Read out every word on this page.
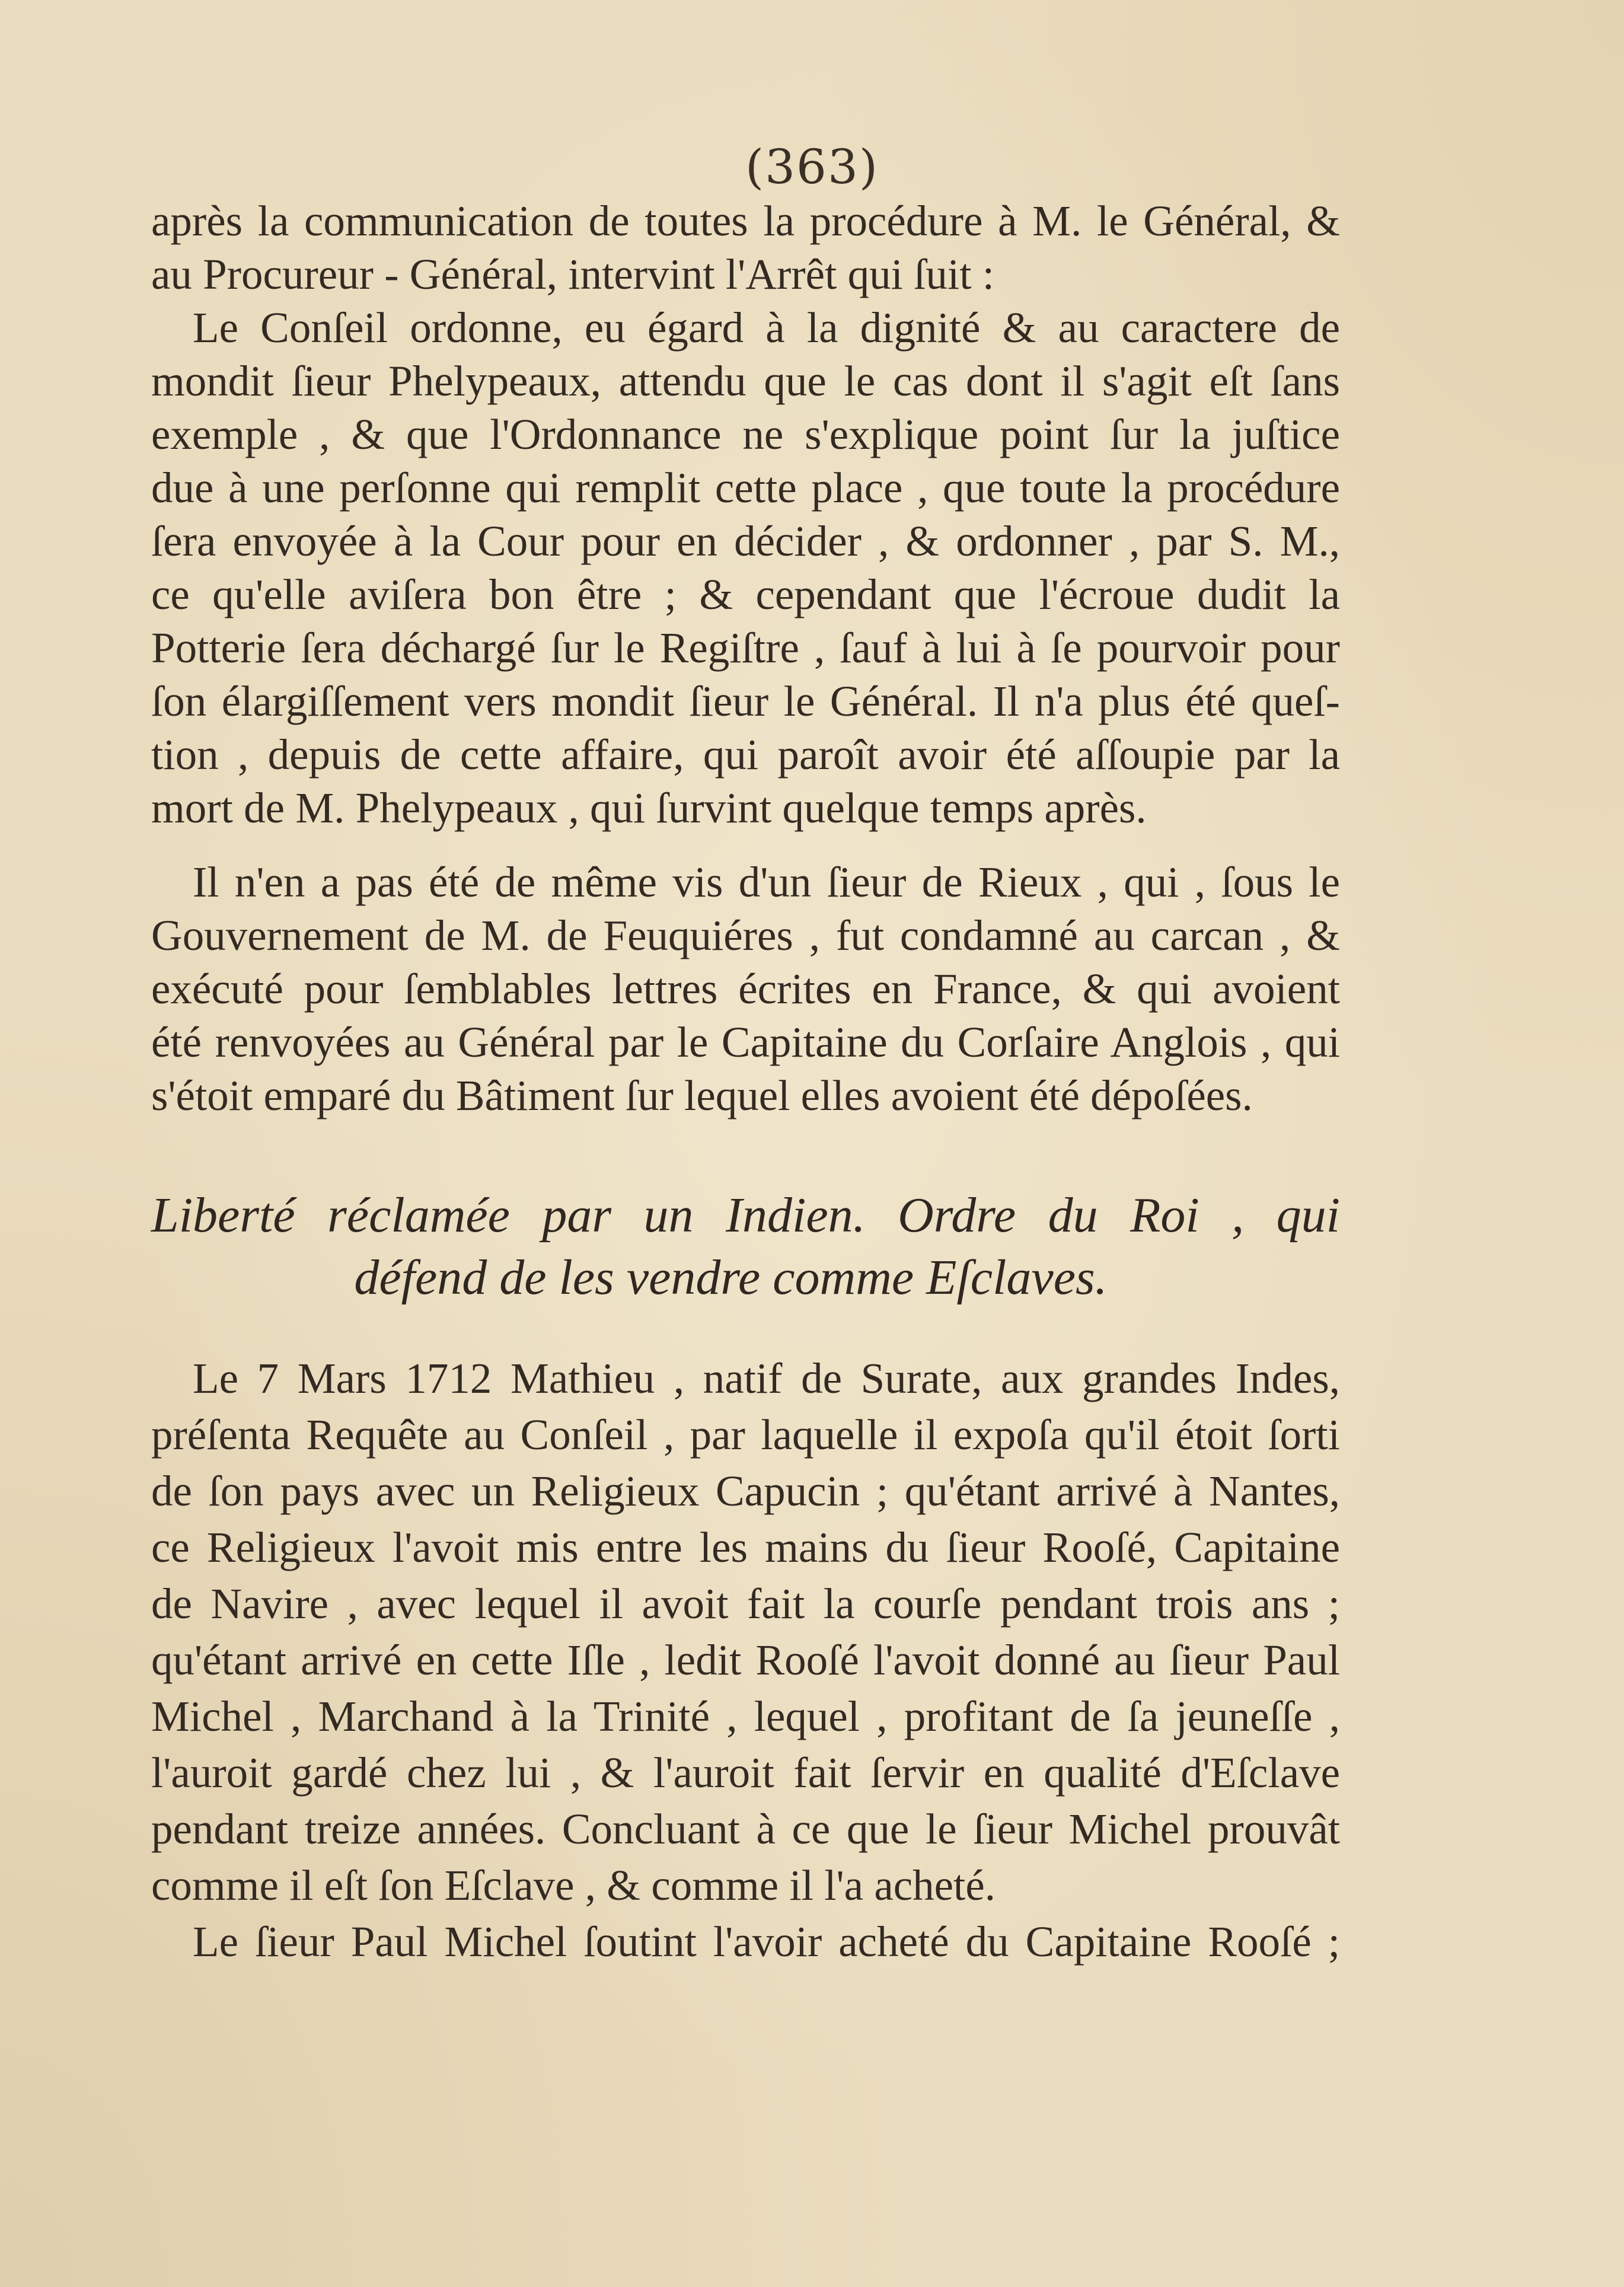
(363)
après la communication de toutes la procédure à M. le Général, &
au Procureur - Général, intervint l'Arrêt qui ſuit :
Le Conſeil ordonne, eu égard à la dignité & au caractere de
mondit ſieur Phelypeaux, attendu que le cas dont il s'agit eſt ſans
exemple , & que l'Ordonnance ne s'explique point ſur la juſtice
due à une perſonne qui remplit cette place , que toute la procédure
ſera envoyée à la Cour pour en décider , & ordonner , par S. M.,
ce qu'elle aviſera bon être ; & cependant que l'écroue dudit la
Potterie ſera déchargé ſur le Regiſtre , ſauf à lui à ſe pourvoir pour
ſon élargiſſement vers mondit ſieur le Général. Il n'a plus été queſ-
tion , depuis de cette affaire, qui paroît avoir été aſſoupie par la
mort de M. Phelypeaux , qui ſurvint quelque temps après.
Il n'en a pas été de même vis d'un ſieur de Rieux , qui , ſous le
Gouvernement de M. de Feuquiéres , fut condamné au carcan , &
exécuté pour ſemblables lettres écrites en France, & qui avoient
été renvoyées au Général par le Capitaine du Corſaire Anglois , qui
s'étoit emparé du Bâtiment ſur lequel elles avoient été dépoſées.
Liberté réclamée par un Indien. Ordre du Roi , qui
défend de les vendre comme Eſclaves.
Le 7 Mars 1712 Mathieu , natif de Surate, aux grandes Indes,
préſenta Requête au Conſeil , par laquelle il expoſa qu'il étoit ſorti
de ſon pays avec un Religieux Capucin ; qu'étant arrivé à Nantes,
ce Religieux l'avoit mis entre les mains du ſieur Rooſé, Capitaine
de Navire , avec lequel il avoit fait la courſe pendant trois ans ;
qu'étant arrivé en cette Iſle , ledit Rooſé l'avoit donné au ſieur Paul
Michel , Marchand à la Trinité , lequel , profitant de ſa jeuneſſe ,
l'auroit gardé chez lui , & l'auroit fait ſervir en qualité d'Eſclave
pendant treize années. Concluant à ce que le ſieur Michel prouvât
comme il eſt ſon Eſclave , & comme il l'a acheté.
Le ſieur Paul Michel ſoutint l'avoir acheté du Capitaine Rooſé ;
